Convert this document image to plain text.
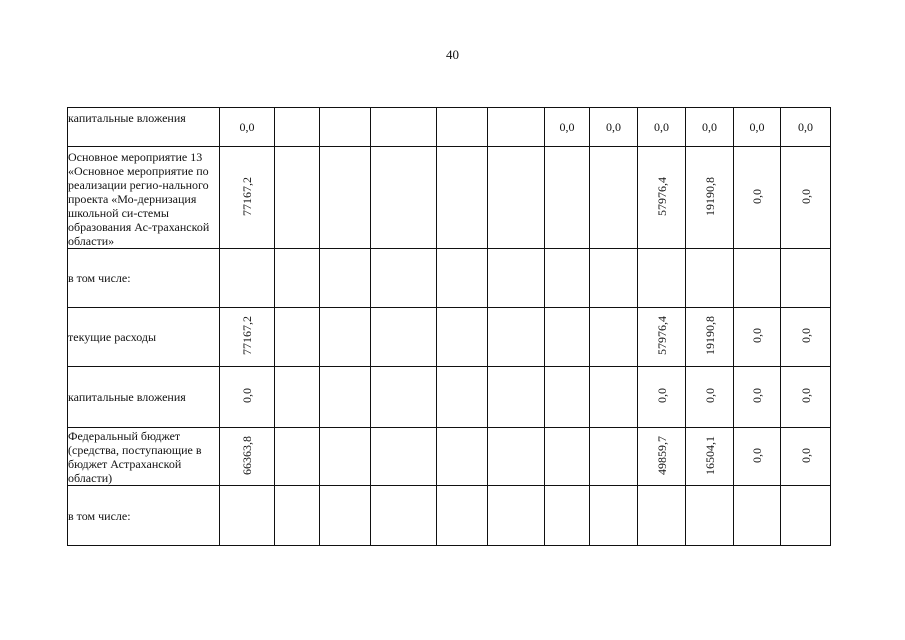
40
капитальные вложения	0,0						0,0	0,0	0,0	0,0	0,0	0,0
Основное мероприятие 13 «Основное мероприятие по реализации регио-нального проекта «Мо-дернизация школьной си-стемы образования Ас-траханской области»	77167,2								57976,4	19190,8	0,0	0,0
в том числе:												
текущие расходы	77167,2								57976,4	19190,8	0,0	0,0
капитальные вложения	0,0								0,0	0,0	0,0	0,0
Федеральный бюджет (средства, поступающие в бюджет Астраханской области)	66363,8								49859,7	16504,1	0,0	0,0
в том числе:												
